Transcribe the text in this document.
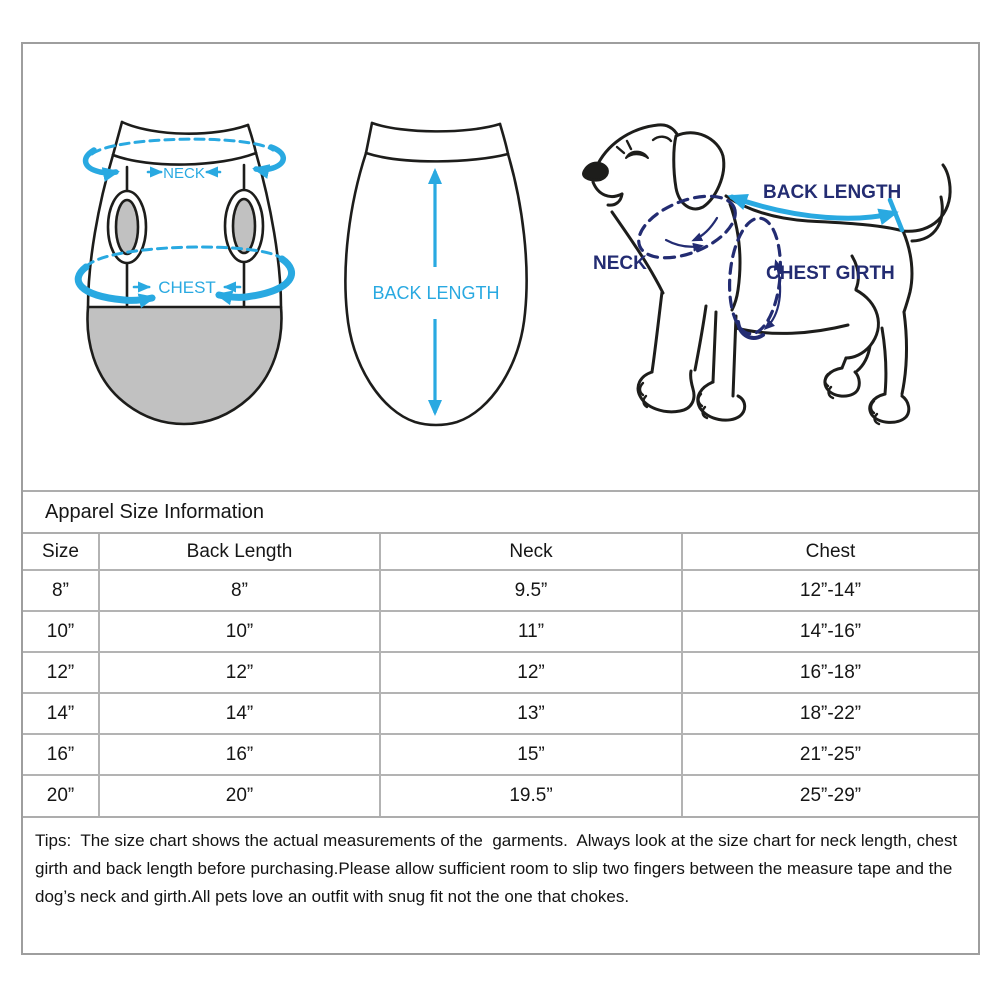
NECK
CHEST	BACK LENGTH
BACK LENGTH
NECK	CHEST GIRTH
Apparel Size Information
Size	Back Length	Neck	Chest
8”	8”	9.5”	12”-14”
10”	10”	11”	14”-16”
12”	12”	12”	16”-18”
14”	14”	13”	18”-22”
16”	16”	15”	21”-25”
20”	20”	19.5”	25”-29”

Tips:  The size chart shows the actual measurements of the  garments.  Always look at the size chart for neck length, chest girth and back length before purchasing.Please allow sufficient room to slip two fingers between the measure tape and the dog’s neck and girth.All pets love an outfit with snug fit not the one that chokes.
